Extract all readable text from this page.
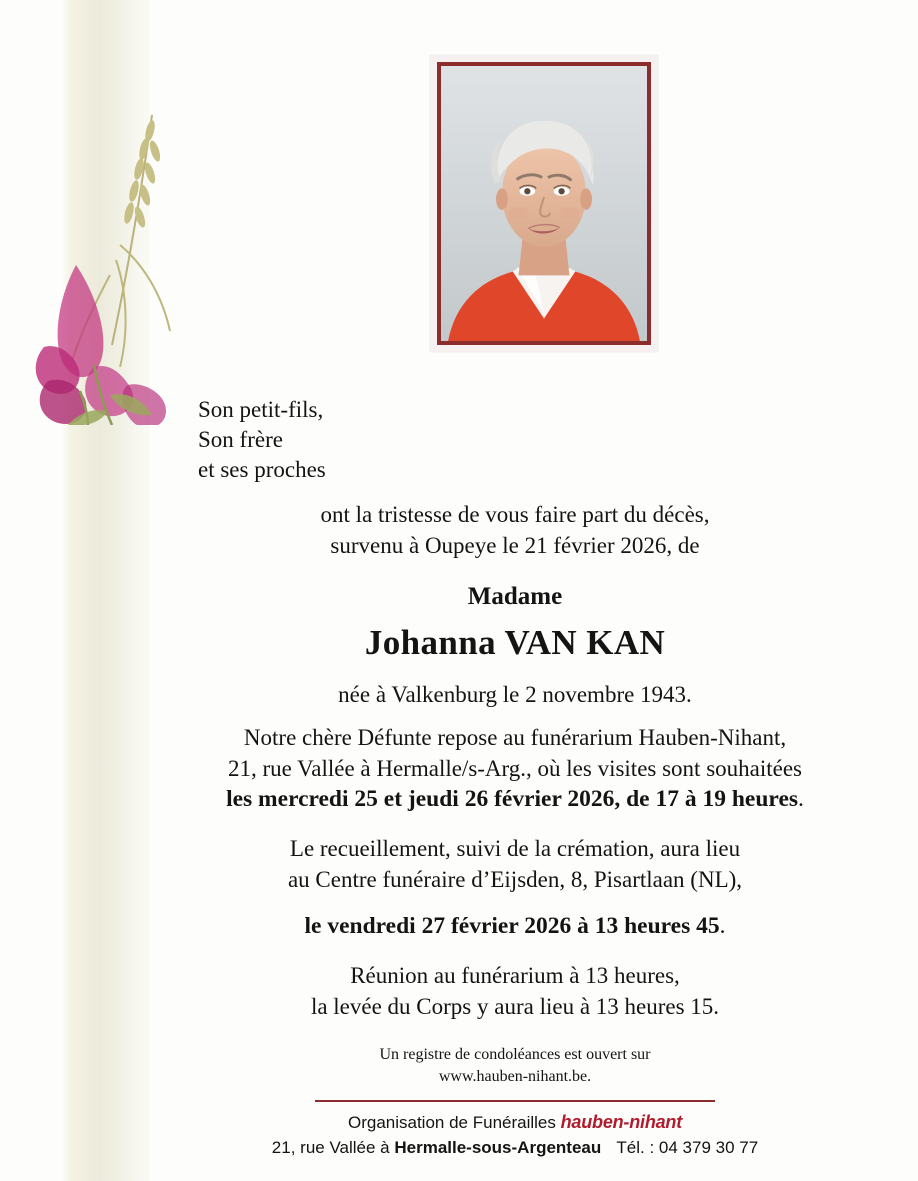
Son petit-fils,
Son frère
et ses proches
ont la tristesse de vous faire part du décès,
survenu à Oupeye le 21 février 2026, de
Madame
Johanna VAN KAN
née à Valkenburg le 2 novembre 1943.
Notre chère Défunte repose au funérarium Hauben-Nihant,
21, rue Vallée à Hermalle/s-Arg., où les visites sont souhaitées
les mercredi 25 et jeudi 26 février 2026, de 17 à 19 heures.
Le recueillement, suivi de la crémation, aura lieu
au Centre funéraire d’Eijsden, 8, Pisartlaan (NL),
le vendredi 27 février 2026 à 13 heures 45.
Réunion au funérarium à 13 heures,
la levée du Corps y aura lieu à 13 heures 15.
Un registre de condoléances est ouvert sur
www.hauben-nihant.be.
Organisation de Funérailles hauben-nihant
21, rue Vallée à Hermalle-sous-Argenteau Tél. : 04 379 30 77
